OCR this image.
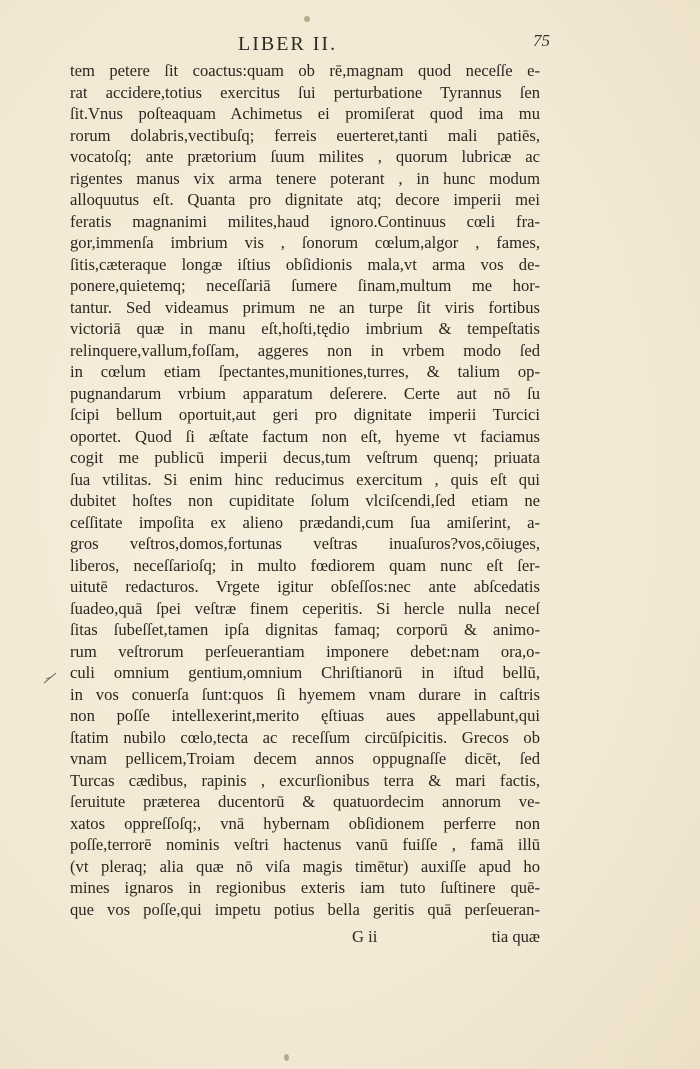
LIBER II.	75
tem petere ſit coactus:quam ob rē,magnam quod neceſſe e-
rat accidere,totius exercitus ſui perturbatione Tyrannus ſen
ſit.Vnus poſteaquam Achimetus ei promiſerat quod ima mu
rorum dolabris,vectibuſq; ferreis euerteret,tanti mali patiēs,
vocatoſq; ante prætorium ſuum milites , quorum lubricæ ac
rigentes manus vix arma tenere poterant , in hunc modum
alloquutus eſt. Quanta pro dignitate atq; decore imperii mei
feratis magnanimi milites,haud ignoro.Continuus cœli fra-
gor,immenſa imbrium vis , ſonorum cœlum,algor , fames,
ſitis,cæteraque longæ iſtius obſidionis mala,vt arma vos de-
ponere,quietemq; neceſſariā ſumere ſinam,multum me hor-
tantur. Sed videamus primum ne an turpe ſit viris fortibus
victoriā quæ in manu eſt,hoſti,tędio imbrium & tempeſtatis
relinquere,vallum,foſſam, aggeres non in vrbem modo ſed
in cœlum etiam ſpectantes,munitiones,turres, & talium op-
pugnandarum vrbium apparatum deſerere. Certe aut nō ſu
ſcipi bellum oportuit,aut geri pro dignitate imperii Turcici
oportet. Quod ſi æſtate factum non eſt, hyeme vt faciamus
cogit me publicū imperii decus,tum veſtrum quenq; priuata
ſua vtilitas. Si enim hinc reducimus exercitum , quis eſt qui
dubitet hoſtes non cupiditate ſolum vlciſcendi,ſed etiam ne
ceſſitate impoſita ex alieno prædandi,cum ſua amiſerint, a-
gros veſtros,domos,fortunas veſtras inuaſuros?vos,cōiuges,
liberos, neceſſarioſq; in multo fœdiorem quam nunc eſt ſer-
uitutē redacturos. Vrgete igitur obſeſſos:nec ante abſcedatis
ſuadeo,quā ſpei veſtræ finem ceperitis. Si hercle nulla neceſ
ſitas ſubeſſet,tamen ipſa dignitas famaq; corporū & animo-
rum veſtrorum perſeuerantiam imponere debet:nam ora,o-
culi omnium gentium,omnium Chriſtianorū in iſtud bellū,
in vos conuerſa ſunt:quos ſi hyemem vnam durare in caſtris
non poſſe intellexerint,merito ęſtiuas aues appellabunt,qui
ſtatim nubilo cœlo,tecta ac receſſum circūſpicitis. Grecos ob
vnam pellicem,Troiam decem annos oppugnaſſe dicēt, ſed
Turcas cædibus, rapinis , excurſionibus terra & mari factis,
ſeruitute præterea ducentorū & quatuordecim annorum ve-
xatos oppreſſoſq;, vnā hybernam obſidionem perferre non
poſſe,terrorē nominis veſtri hactenus vanū fuiſſe , famā illū
(vt pleraq; alia quæ nō viſa magis timētur) auxiſſe apud ho
mines ignaros in regionibus exteris iam tuto ſuſtinere quē-
que vos poſſe,qui impetu potius bella geritis quā perſeueran-
G ii	tia quæ
